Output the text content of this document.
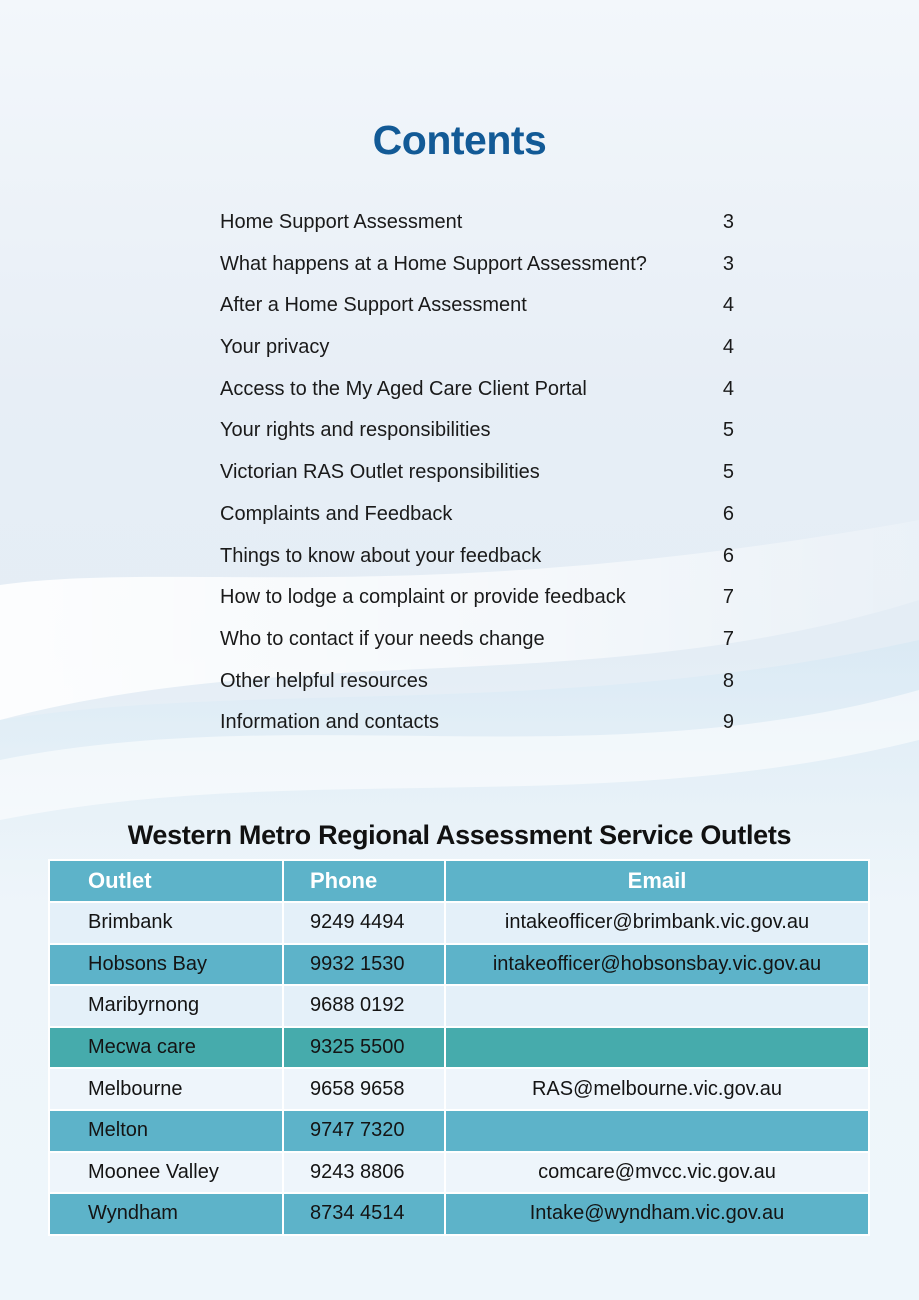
Contents
Home Support Assessment	3
What happens at a Home Support Assessment?	3
After a Home Support Assessment	4
Your privacy	4
Access to the My Aged Care Client Portal	4
Your rights and responsibilities	5
Victorian RAS Outlet responsibilities	5
Complaints and Feedback	6
Things to know about your feedback	6
How to lodge a complaint or provide feedback	7
Who to contact if your needs change	7
Other helpful resources	8
Information and contacts	9
Western Metro Regional Assessment Service Outlets
Outlet	Phone	Email
Brimbank	9249 4494	intakeofficer@brimbank.vic.gov.au
Hobsons Bay	9932 1530	intakeofficer@hobsonsbay.vic.gov.au
Maribyrnong	9688 0192	
Mecwa care	9325 5500	
Melbourne	9658 9658	RAS@melbourne.vic.gov.au
Melton	9747 7320	
Moonee Valley	9243 8806	comcare@mvcc.vic.gov.au
Wyndham	8734 4514	Intake@wyndham.vic.gov.au
